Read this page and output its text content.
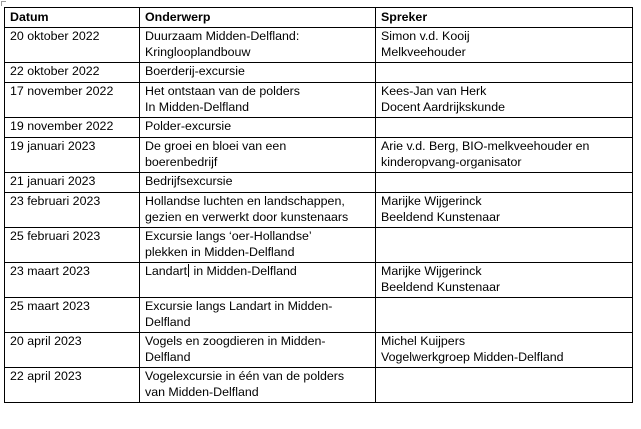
Datum	Onderwerp	Spreker
20 oktober 2022	Duurzaam Midden-Delfland:
Kringlooplandbouw	Simon v.d. Kooij
Melkveehouder
22 oktober 2022	Boerderij-excursie	
17 november 2022	Het ontstaan van de polders
In Midden-Delfland	Kees-Jan van Herk
Docent Aardrijkskunde
19 november 2022	Polder-excursie	
19 januari 2023	De groei en bloei van een
boerenbedrijf	Arie v.d. Berg, BIO-melkveehouder en
kinderopvang-organisator
21 januari 2023	Bedrijfsexcursie	
23 februari 2023	Hollandse luchten en landschappen,
gezien en verwerkt door kunstenaars	Marijke Wijgerinck
Beeldend Kunstenaar
25 februari 2023	Excursie langs ‘oer-Hollandse’
plekken in Midden-Delfland	
23 maart 2023	Landart in Midden-Delfland	Marijke Wijgerinck
Beeldend Kunstenaar
25 maart 2023	Excursie langs Landart in Midden-
Delfland	
20 april 2023	Vogels en zoogdieren in Midden-
Delfland	Michel Kuijpers
Vogelwerkgroep Midden-Delfland
22 april 2023	Vogelexcursie in één van de polders
van Midden-Delfland	
